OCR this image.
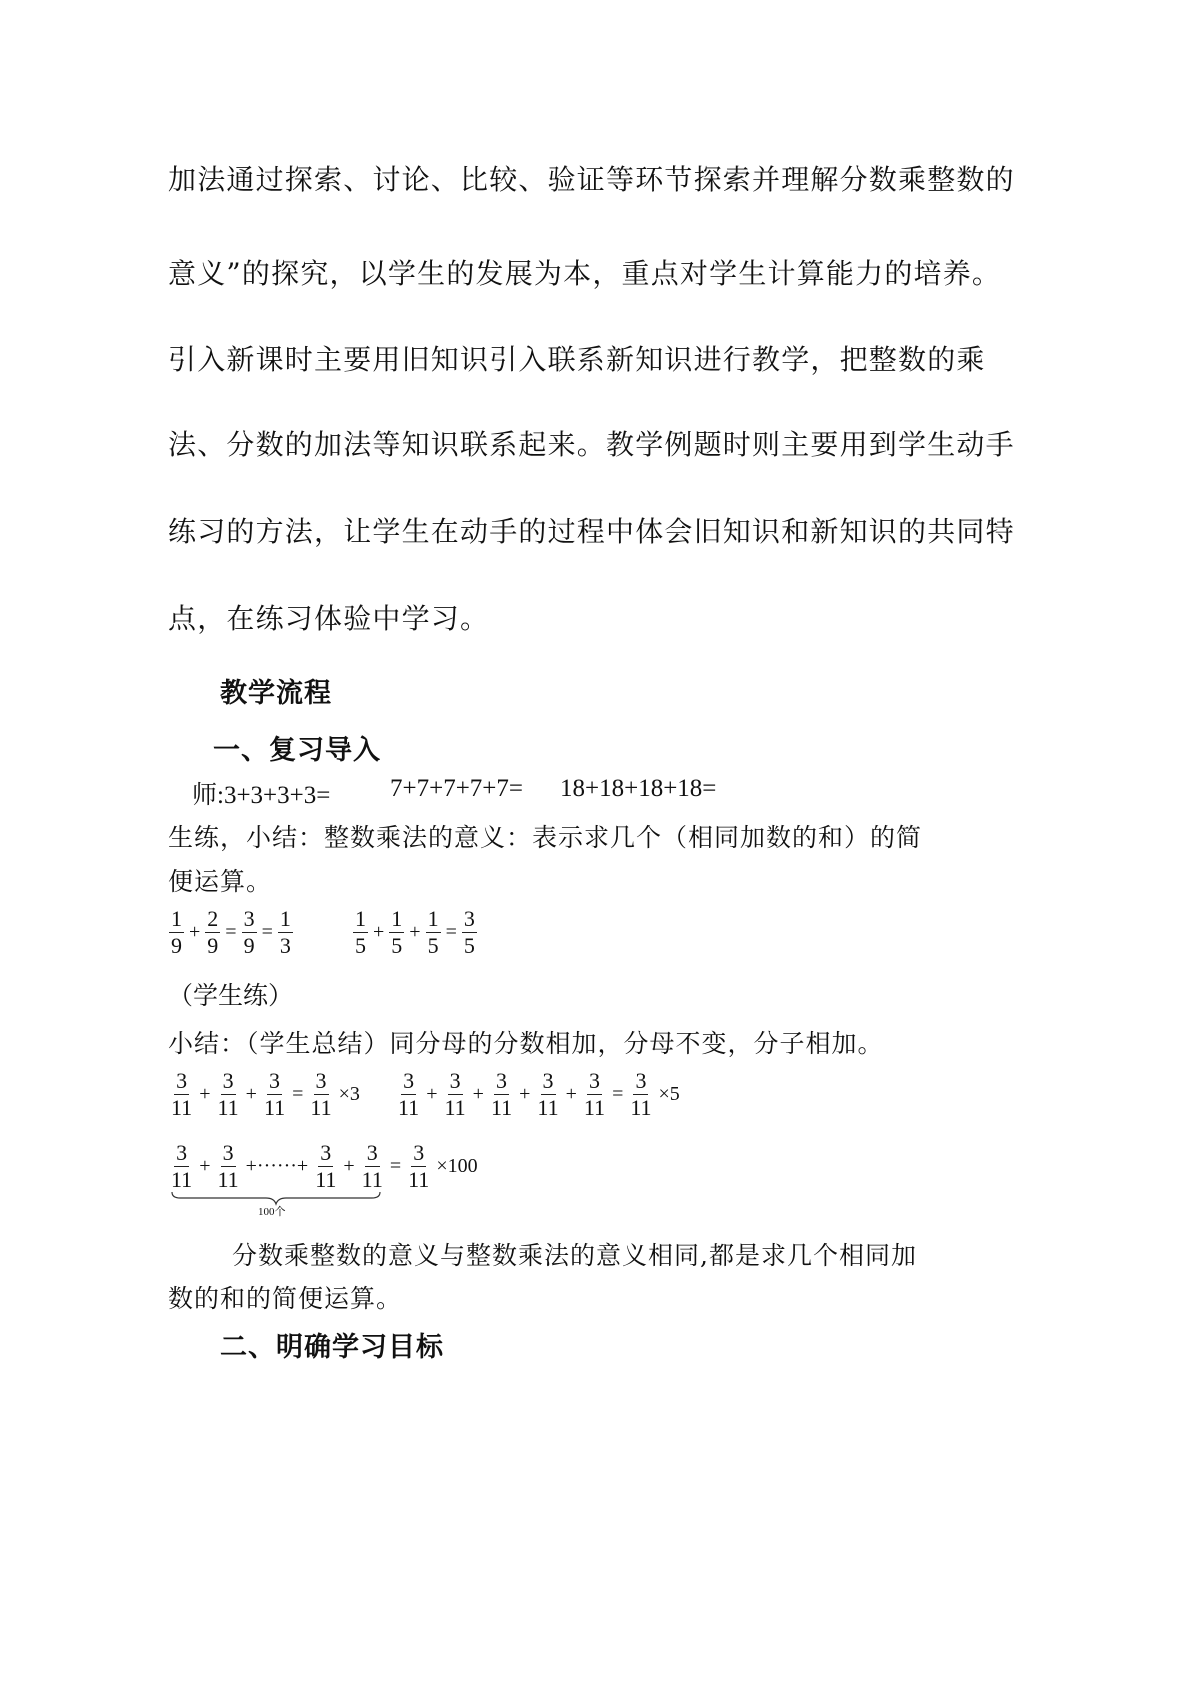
加法通过探索、讨论、比较、验证等环节探索并理解分数乘整数的
意义”的探究，以学生的发展为本，重点对学生计算能力的培养。
引入新课时主要用旧知识引入联系新知识进行教学，把整数的乘
法、分数的加法等知识联系起来。教学例题时则主要用到学生动手
练习的方法，让学生在动手的过程中体会旧知识和新知识的共同特
点，在练习体验中学习。
教学流程
一、复习导入
师:3+3+3+3= 7+7+7+7+7= 18+18+18+18=
生练，小结：整数乘法的意义：表示求几个（相同加数的和）的简
便运算。
$\frac{1}{9} + \frac{2}{9} = \frac{3}{9} = \frac{1}{3}$	$\frac{1}{5} + \frac{1}{5} + \frac{1}{5} = \frac{3}{5}$
（学生练）
小结：（学生总结）同分母的分数相加，分母不变，分子相加。
$\frac{3}{11} + \frac{3}{11} + \frac{3}{11} = \frac{3}{11} \times 3 \frac{3}{11} + \frac{3}{11} + \frac{3}{11} + \frac{3}{11} + \frac{3}{11} = \frac{3}{11} \times 5$
$\frac{3}{11} + \frac{3}{11}$ +······+ $\frac{3}{11} + \frac{3}{11} = \frac{3}{11} \times 100$
100个
分数乘整数的意义与整数乘法的意义相同,都是求几个相同加
数的和的简便运算。
二、明确学习目标
